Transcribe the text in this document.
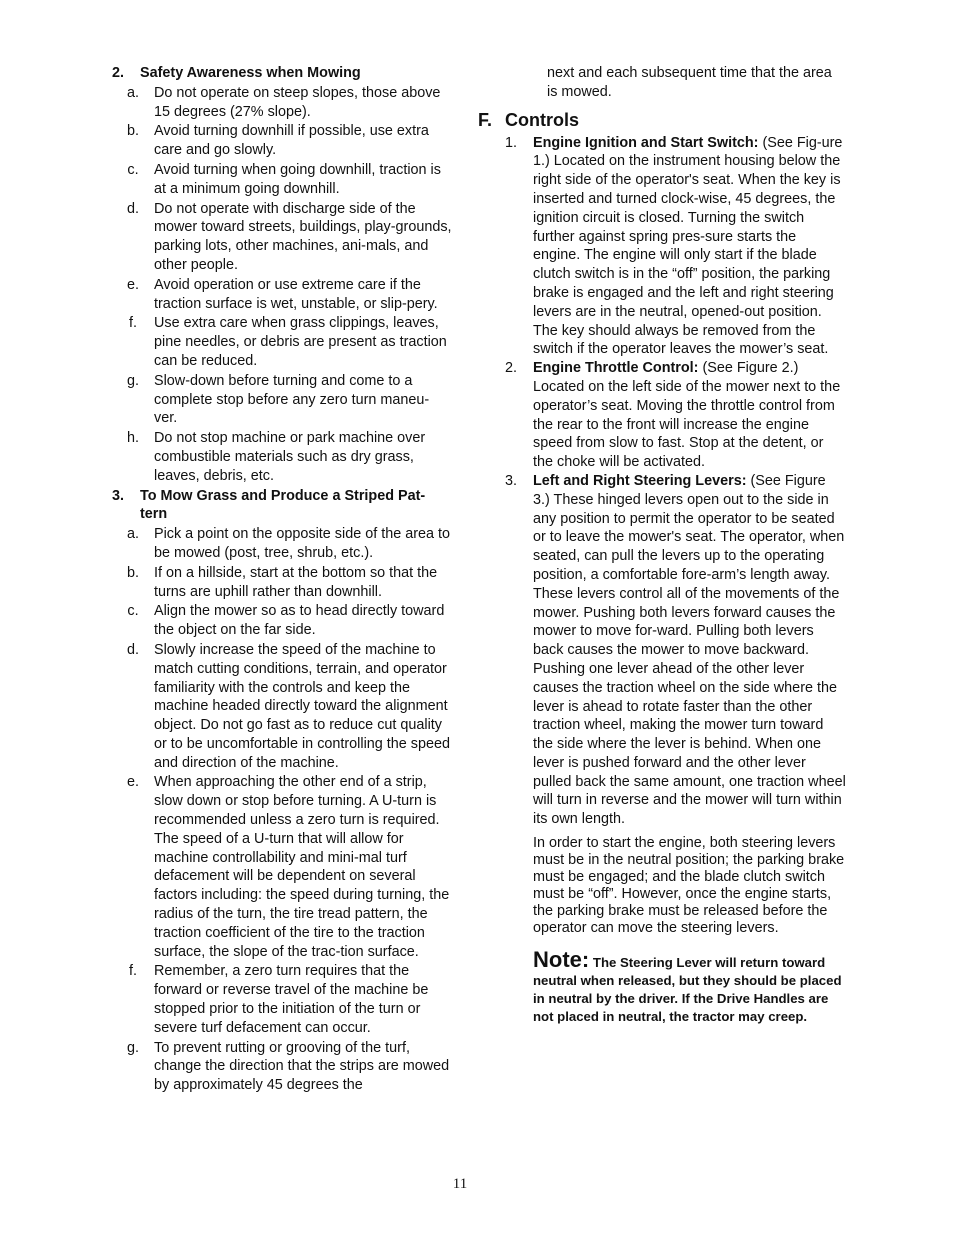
2.	Safety Awareness when Mowing
a.	Do not operate on steep slopes, those above 15 degrees (27% slope).
b.	Avoid turning downhill if possible, use extra care and go slowly.
c.	Avoid turning when going downhill, traction is at a minimum going downhill.
d.	Do not operate with discharge side of the mower toward streets, buildings, play-grounds, parking lots, other machines, ani-mals, and other people.
e.	Avoid operation or use extreme care if the traction surface is wet, unstable, or slip-pery.
f.	Use extra care when grass clippings, leaves, pine needles, or debris are present as traction can be reduced.
g.	Slow-down before turning and come to a complete stop before any zero turn maneu-ver.
h.	Do not stop machine or park machine over combustible materials such as dry grass, leaves, debris, etc.
3.	To Mow Grass and Produce a Striped Pat-tern
a.	Pick a point on the opposite side of the area to be mowed (post, tree, shrub, etc.).
b.	If on a hillside, start at the bottom so that the turns are uphill rather than downhill.
c.	Align the mower so as to head directly toward the object on the far side.
d.	Slowly increase the speed of the machine to match cutting conditions, terrain, and operator familiarity with the controls and keep the machine headed directly toward the alignment object. Do not go fast as to reduce cut quality or to be uncomfortable in controlling the speed and direction of the machine.
e.	When approaching the other end of a strip, slow down or stop before turning. A U-turn is recommended unless a zero turn is required. The speed of a U-turn that will allow for machine controllability and mini-mal turf defacement will be dependent on several factors including: the speed during turning, the radius of the turn, the tire tread pattern, the traction coefficient of the tire to the traction surface, the slope of the trac-tion surface.
f.	Remember, a zero turn requires that the forward or reverse travel of the machine be stopped prior to the initiation of the turn or severe turf defacement can occur.
g.	To prevent rutting or grooving of the turf, change the direction that the strips are mowed by approximately 45 degrees the

next and each subsequent time that the area is mowed.

F. Controls
1.	Engine Ignition and Start Switch: (See Fig-ure 1.) Located on the instrument housing below the right side of the operator's seat. When the key is inserted and turned clock-wise, 45 degrees, the ignition circuit is closed. Turning the switch further against spring pres-sure starts the engine. The engine will only start if the blade clutch switch is in the “off” position, the parking brake is engaged and the left and right steering levers are in the neutral, opened-out position. The key should always be removed from the switch if the operator leaves the mower’s seat.
2.	Engine Throttle Control: (See Figure 2.) Located on the left side of the mower next to the operator’s seat. Moving the throttle control from the rear to the front will increase the engine speed from slow to fast. Stop at the detent, or the choke will be activated.
3.	Left and Right Steering Levers: (See Figure 3.) These hinged levers open out to the side in any position to permit the operator to be seated or to leave the mower's seat. The operator, when seated, can pull the levers up to the operating position, a comfortable fore-arm’s length away. These levers control all of the movements of the mower. Pushing both levers forward causes the mower to move for-ward. Pulling both levers back causes the mower to move backward. Pushing one lever ahead of the other lever causes the traction wheel on the side where the lever is ahead to rotate faster than the other traction wheel, making the mower turn toward the side where the lever is behind. When one lever is pushed forward and the other lever pulled back the same amount, one traction wheel will turn in reverse and the mower will turn within its own length.

In order to start the engine, both steering levers must be in the neutral position; the parking brake must be engaged; and the blade clutch switch must be “off”. However, once the engine starts, the parking brake must be released before the operator can move the steering levers.

Note: The Steering Lever will return toward neutral when released, but they should be placed in neutral by the driver. If the Drive Handles are not placed in neutral, the tractor may creep.

11
